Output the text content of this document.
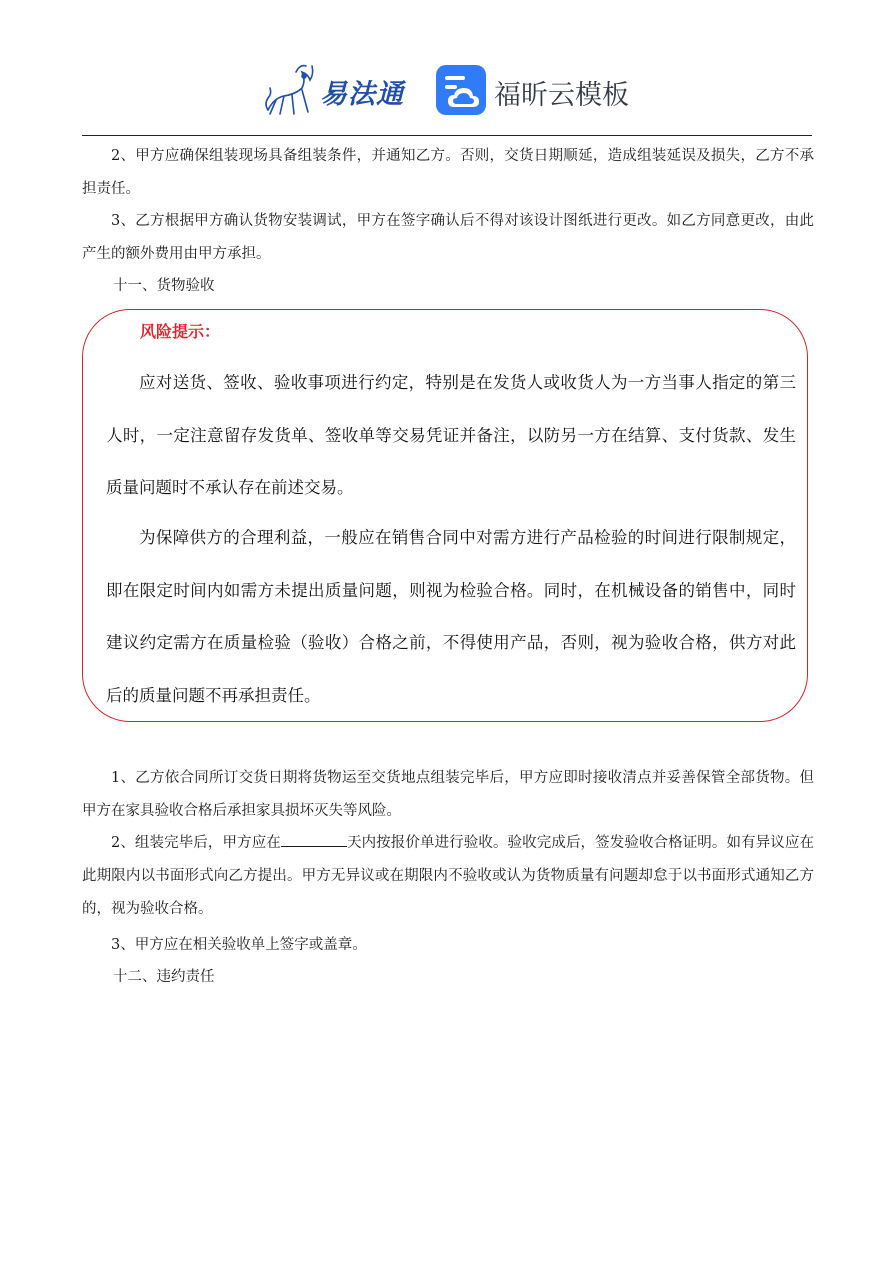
易法通	福昕云模板

2、甲方应确保组装现场具备组装条件，并通知乙方。否则，交货日期顺延，造成组装延误及损失，乙方不承担责任。

3、乙方根据甲方确认货物安装调试，甲方在签字确认后不得对该设计图纸进行更改。如乙方同意更改，由此产生的额外费用由甲方承担。

十一、货物验收

风险提示：

应对送货、签收、验收事项进行约定，特别是在发货人或收货人为一方当事人指定的第三人时，一定注意留存发货单、签收单等交易凭证并备注，以防另一方在结算、支付货款、发生质量问题时不承认存在前述交易。

为保障供方的合理利益，一般应在销售合同中对需方进行产品检验的时间进行限制规定，即在限定时间内如需方未提出质量问题，则视为检验合格。同时，在机械设备的销售中，同时建议约定需方在质量检验（验收）合格之前，不得使用产品，否则，视为验收合格，供方对此后的质量问题不再承担责任。

1、乙方依合同所订交货日期将货物运至交货地点组装完毕后，甲方应即时接收清点并妥善保管全部货物。但甲方在家具验收合格后承担家具损坏灭失等风险。

2、组装完毕后，甲方应在	天内按报价单进行验收。验收完成后，签发验收合格证明。如有异议应在此期限内以书面形式向乙方提出。甲方无异议或在期限内不验收或认为货物质量有问题却怠于以书面形式通知乙方的，视为验收合格。

3、甲方应在相关验收单上签字或盖章。

十二、违约责任
